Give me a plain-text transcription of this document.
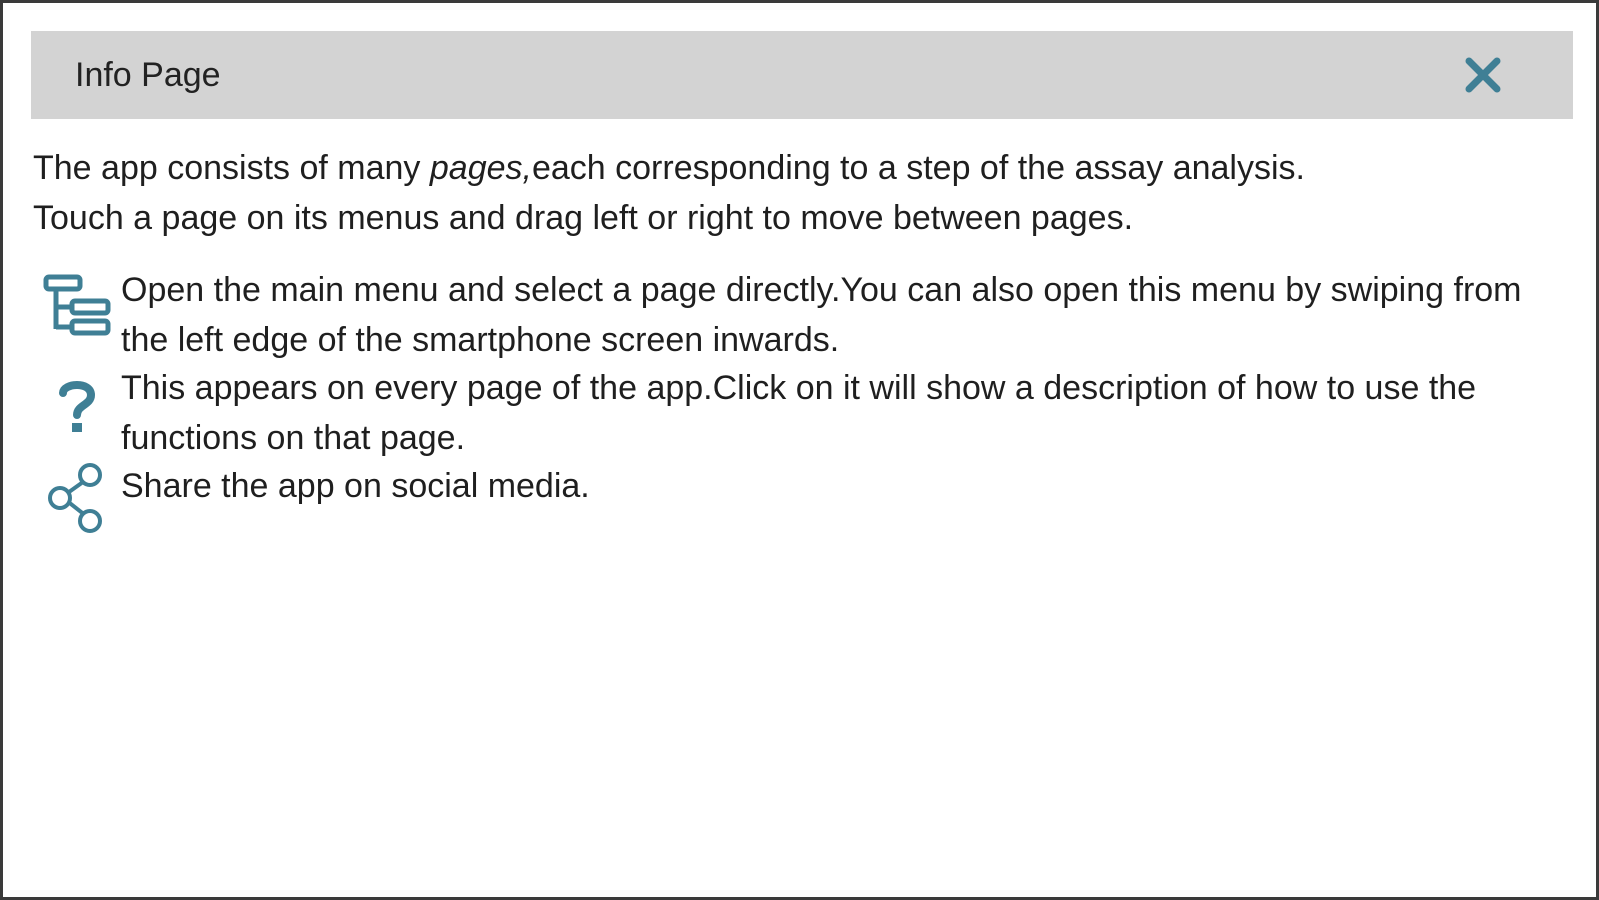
Info Page

The app consists of many pages,each corresponding to a step of the assay analysis.

Touch a page on its menus and drag left or right to move between pages.

Open the main menu and select a page directly.You can also open this menu by swiping from the left edge of the smartphone screen inwards.

This appears on every page of the app.Click on it will show a description of how to use the functions on that page.

Share the app on social media.
